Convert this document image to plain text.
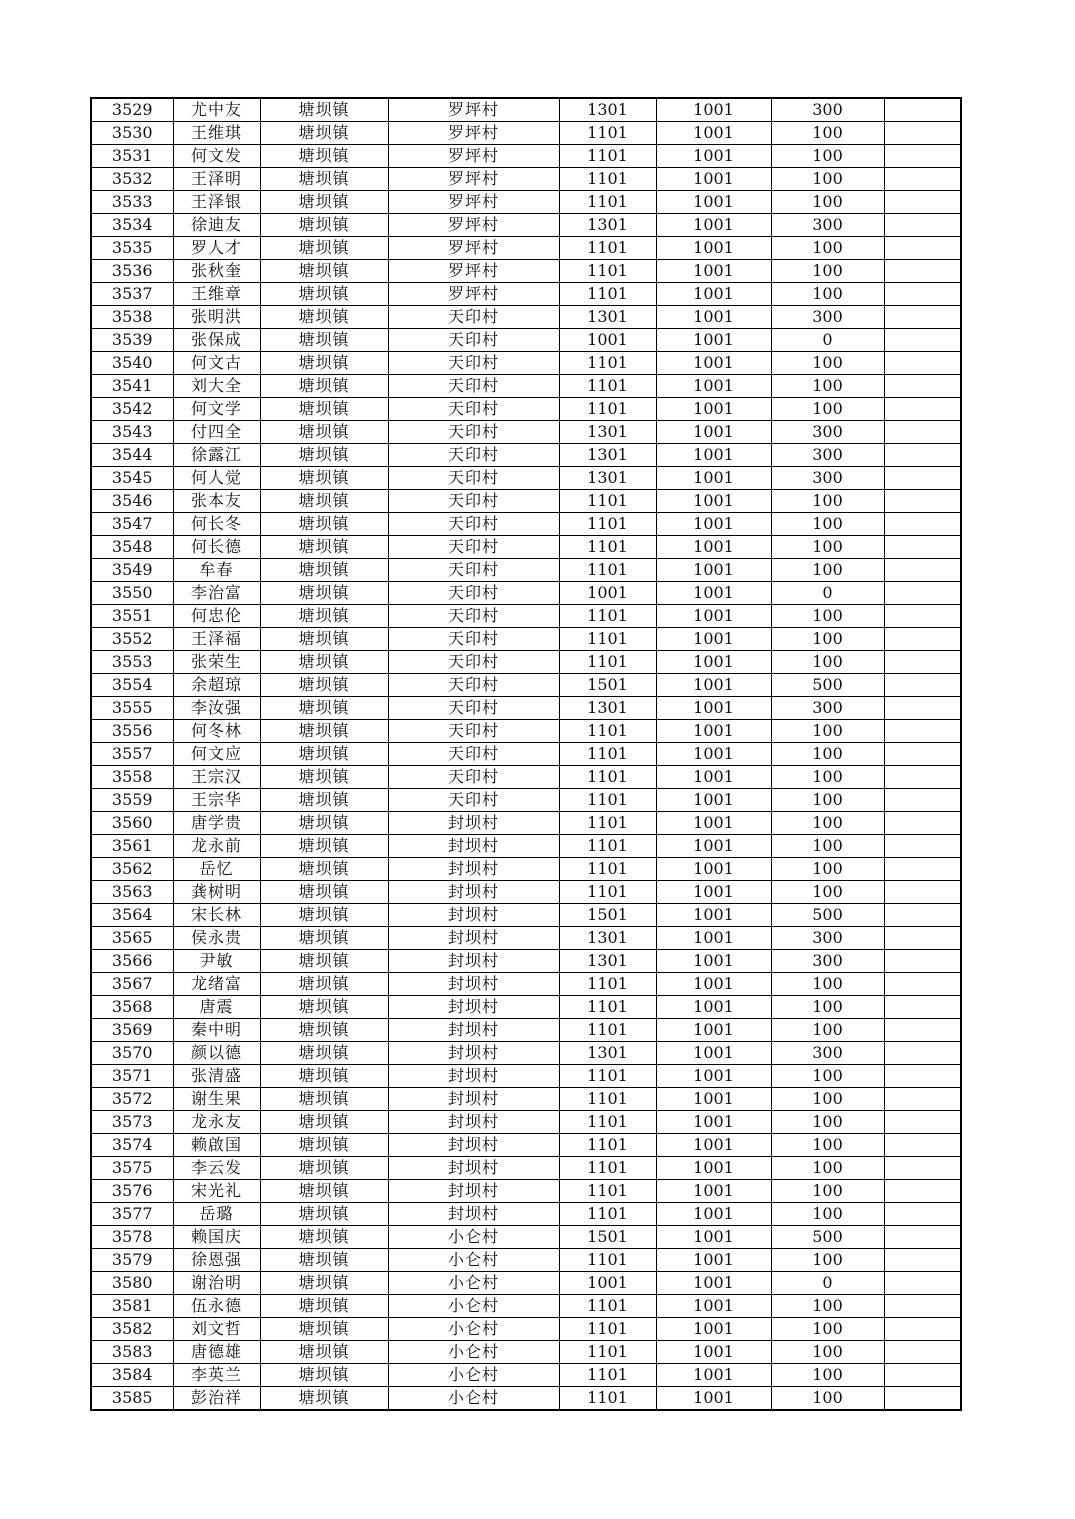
3529	尤中友	塘坝镇	罗坪村	1301	1001	300	
3530	王维琪	塘坝镇	罗坪村	1101	1001	100	
3531	何文发	塘坝镇	罗坪村	1101	1001	100	
3532	王泽明	塘坝镇	罗坪村	1101	1001	100	
3533	王泽银	塘坝镇	罗坪村	1101	1001	100	
3534	徐迪友	塘坝镇	罗坪村	1301	1001	300	
3535	罗人才	塘坝镇	罗坪村	1101	1001	100	
3536	张秋奎	塘坝镇	罗坪村	1101	1001	100	
3537	王维章	塘坝镇	罗坪村	1101	1001	100	
3538	张明洪	塘坝镇	天印村	1301	1001	300	
3539	张保成	塘坝镇	天印村	1001	1001	0	
3540	何文古	塘坝镇	天印村	1101	1001	100	
3541	刘大全	塘坝镇	天印村	1101	1001	100	
3542	何文学	塘坝镇	天印村	1101	1001	100	
3543	付四全	塘坝镇	天印村	1301	1001	300	
3544	徐露江	塘坝镇	天印村	1301	1001	300	
3545	何人觉	塘坝镇	天印村	1301	1001	300	
3546	张本友	塘坝镇	天印村	1101	1001	100	
3547	何长冬	塘坝镇	天印村	1101	1001	100	
3548	何长德	塘坝镇	天印村	1101	1001	100	
3549	牟春	塘坝镇	天印村	1101	1001	100	
3550	李治富	塘坝镇	天印村	1001	1001	0	
3551	何忠伦	塘坝镇	天印村	1101	1001	100	
3552	王泽福	塘坝镇	天印村	1101	1001	100	
3553	张荣生	塘坝镇	天印村	1101	1001	100	
3554	余超琼	塘坝镇	天印村	1501	1001	500	
3555	李汝强	塘坝镇	天印村	1301	1001	300	
3556	何冬林	塘坝镇	天印村	1101	1001	100	
3557	何文应	塘坝镇	天印村	1101	1001	100	
3558	王宗汉	塘坝镇	天印村	1101	1001	100	
3559	王宗华	塘坝镇	天印村	1101	1001	100	
3560	唐学贵	塘坝镇	封坝村	1101	1001	100	
3561	龙永前	塘坝镇	封坝村	1101	1001	100	
3562	岳忆	塘坝镇	封坝村	1101	1001	100	
3563	龚树明	塘坝镇	封坝村	1101	1001	100	
3564	宋长林	塘坝镇	封坝村	1501	1001	500	
3565	侯永贵	塘坝镇	封坝村	1301	1001	300	
3566	尹敏	塘坝镇	封坝村	1301	1001	300	
3567	龙绪富	塘坝镇	封坝村	1101	1001	100	
3568	唐震	塘坝镇	封坝村	1101	1001	100	
3569	秦中明	塘坝镇	封坝村	1101	1001	100	
3570	颜以德	塘坝镇	封坝村	1301	1001	300	
3571	张清盛	塘坝镇	封坝村	1101	1001	100	
3572	谢生果	塘坝镇	封坝村	1101	1001	100	
3573	龙永友	塘坝镇	封坝村	1101	1001	100	
3574	赖啟国	塘坝镇	封坝村	1101	1001	100	
3575	李云发	塘坝镇	封坝村	1101	1001	100	
3576	宋光礼	塘坝镇	封坝村	1101	1001	100	
3577	岳璐	塘坝镇	封坝村	1101	1001	100	
3578	赖国庆	塘坝镇	小仑村	1501	1001	500	
3579	徐恩强	塘坝镇	小仑村	1101	1001	100	
3580	谢治明	塘坝镇	小仑村	1001	1001	0	
3581	伍永德	塘坝镇	小仑村	1101	1001	100	
3582	刘文哲	塘坝镇	小仑村	1101	1001	100	
3583	唐德雄	塘坝镇	小仑村	1101	1001	100	
3584	李英兰	塘坝镇	小仑村	1101	1001	100	
3585	彭治祥	塘坝镇	小仑村	1101	1001	100	
